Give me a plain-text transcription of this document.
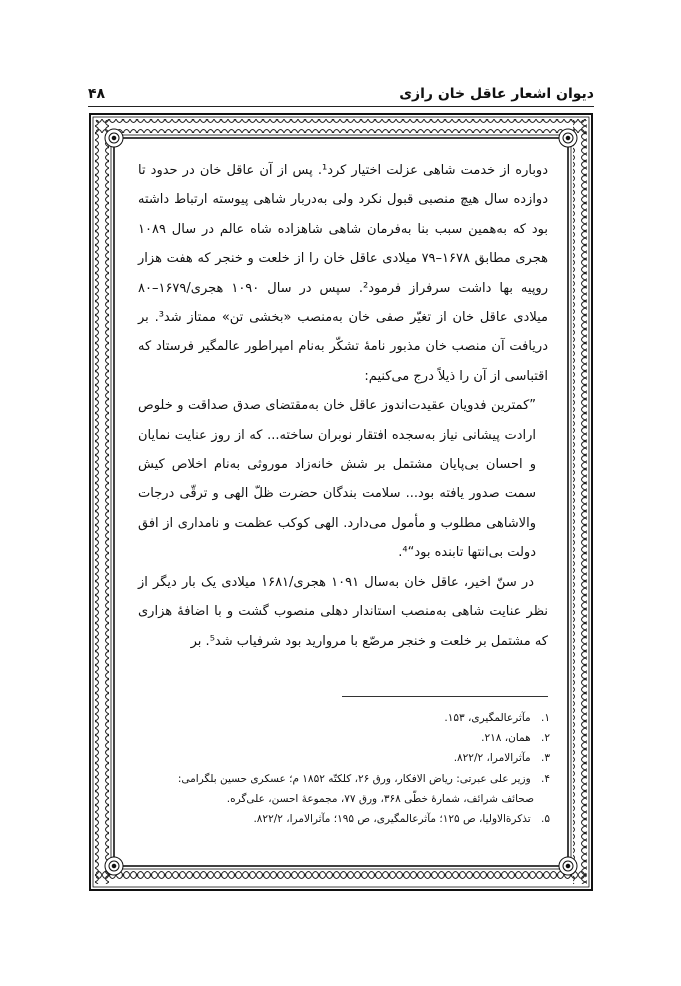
دیوان اشعار عاقل خان رازی
۴۸

دوباره از خدمت شاهی عزلت اختیار کرد¹. پس از آن عاقل خان در حدود تا دوازده سال هیچ منصبی قبول نکرد ولی به‌دربار شاهی پیوسته ارتباط داشته بود که به‌همین سبب بنا به‌فرمان شاهی شاهزاده شاه عالم در سال ۱۰۸۹ هجری مطابق ۱۶۷۸–۷۹ میلادی عاقل خان را از خلعت و خنجر که هفت هزار روپیه بها داشت سرفراز فرمود². سپس در سال ۱۰۹۰ هجری/۱۶۷۹–۸۰ میلادی عاقل خان از تغیّر صفی خان به‌منصب «بخشی تن» ممتاز شد³. بر دریافت آن منصب خان مذبور نامۀ تشکّر به‌نام امپراطور عالمگیر فرستاد که اقتباسی از آن را ذیلاً درج می‌کنیم:

”کمترین فدویان عقیدت‌اندوز عاقل خان به‌مقتضای صدق صداقت و خلوص ارادت پیشانی نیاز به‌سجده افتقار نوبران ساخته... که از روز عنایت نمایان و احسان بی‌پایان مشتمل بر شش خانه‌زاد موروثی به‌نام اخلاص کیش سمت صدور یافته بود... سلامت بندگان حضرت ظلّ الهی و ترقّی درجات والاشاهی مطلوب و مأمول می‌دارد. الهی کوکب عظمت و نامداری از افق دولت بی‌انتها تابنده بود“⁴.

در سنّ اخیر، عاقل خان به‌سال ۱۰۹۱ هجری/۱۶۸۱ میلادی یک بار دیگر از نظر عنایت شاهی به‌منصب استاندار دهلی منصوب گشت و با اضافۀ هزاری که مشتمل بر خلعت و خنجر مرصّع با مروارید بود شرفیاب شد⁵. بر

۱. مآثرعالمگیری، ۱۵۳.

۲. همان، ۲۱۸.

۳. مآثرالامرا، ۸۲۲/۲.

۴. وزیر علی عبرتی: ریاض الافکار، ورق ۲۶، کلکتّه ۱۸۵۲ م؛ عسکری حسین بلگرامی:

صحائف شرائف، شمارۀ خطّی ۳۶۸، ورق ۷۷، مجموعۀ احسن، علی‌گره.

۵. تذکرةالاولیا، ص ۱۲۵؛ مآثرعالمگیری، ص ۱۹۵؛ مآثرالامرا، ۸۲۲/۲.
